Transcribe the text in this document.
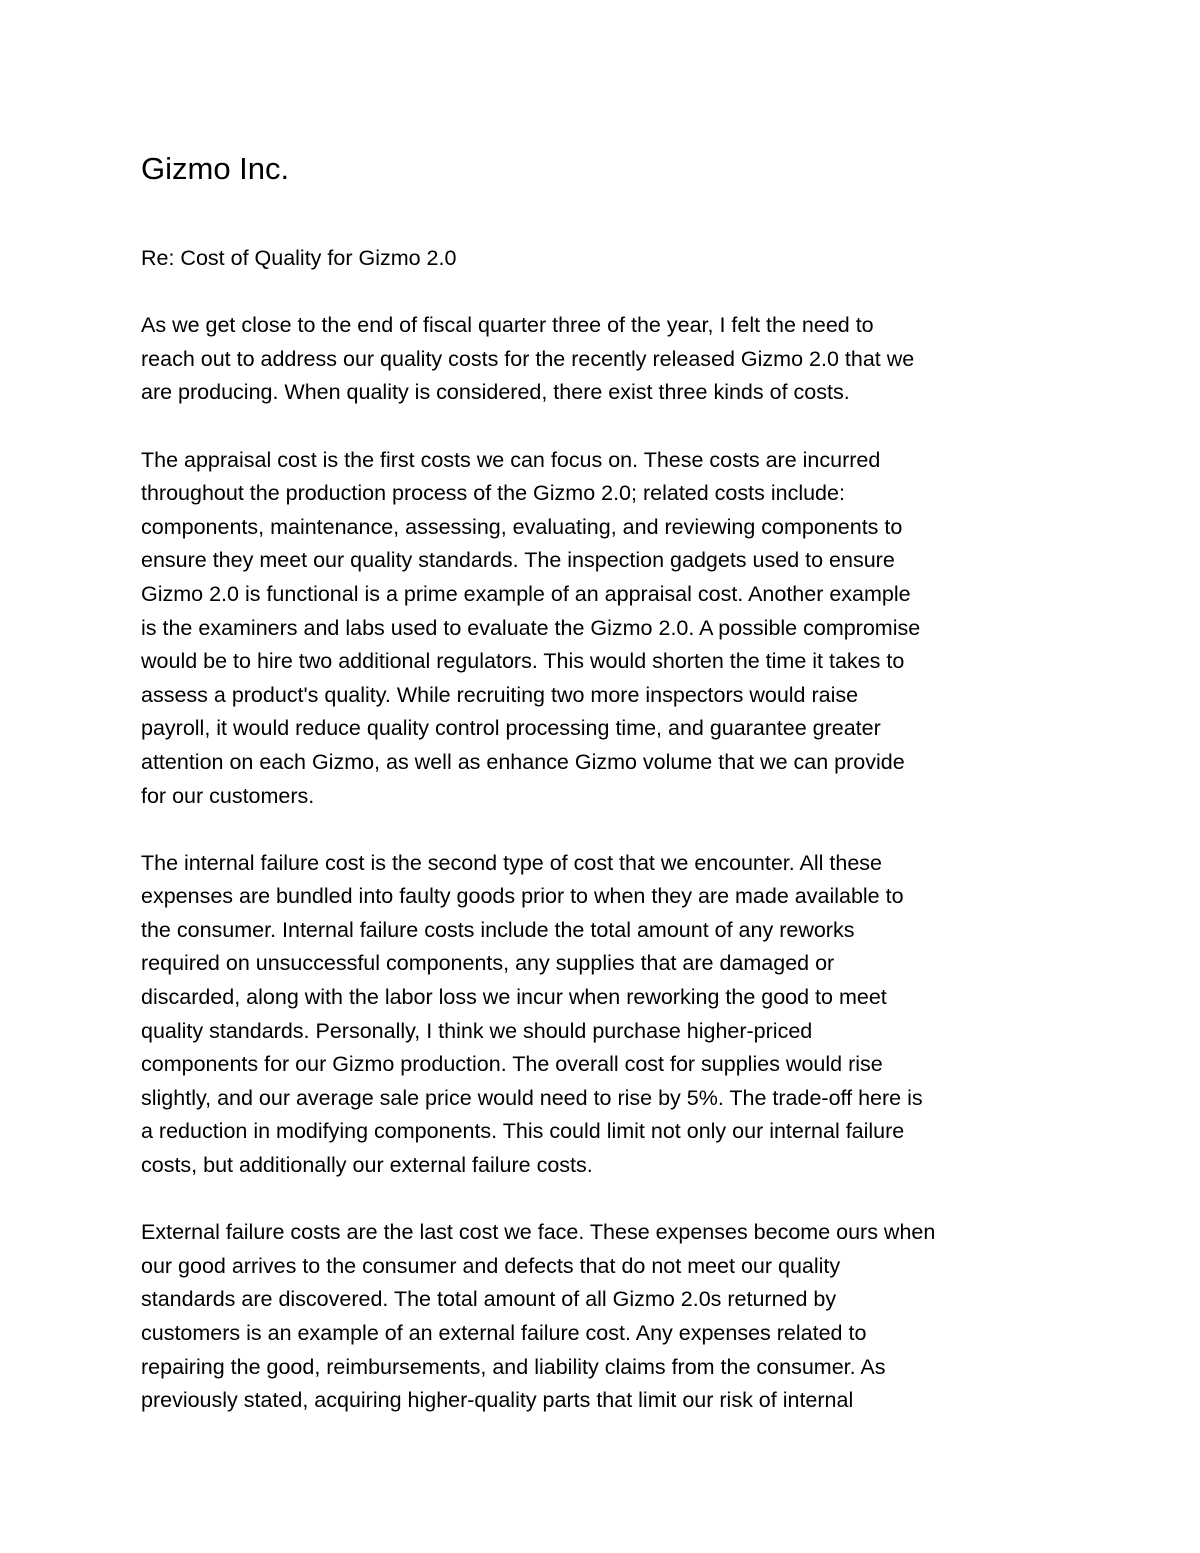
Gizmo Inc.

Re: Cost of Quality for Gizmo 2.0

As we get close to the end of fiscal quarter three of the year, I felt the need to
reach out to address our quality costs for the recently released Gizmo 2.0 that we
are producing. When quality is considered, there exist three kinds of costs.

The appraisal cost is the first costs we can focus on. These costs are incurred
throughout the production process of the Gizmo 2.0; related costs include:
components, maintenance, assessing, evaluating, and reviewing components to
ensure they meet our quality standards. The inspection gadgets used to ensure
Gizmo 2.0 is functional is a prime example of an appraisal cost. Another example
is the examiners and labs used to evaluate the Gizmo 2.0. A possible compromise
would be to hire two additional regulators. This would shorten the time it takes to
assess a product's quality. While recruiting two more inspectors would raise
payroll, it would reduce quality control processing time, and guarantee greater
attention on each Gizmo, as well as enhance Gizmo volume that we can provide
for our customers.

The internal failure cost is the second type of cost that we encounter. All these
expenses are bundled into faulty goods prior to when they are made available to
the consumer. Internal failure costs include the total amount of any reworks
required on unsuccessful components, any supplies that are damaged or
discarded, along with the labor loss we incur when reworking the good to meet
quality standards. Personally, I think we should purchase higher-priced
components for our Gizmo production. The overall cost for supplies would rise
slightly, and our average sale price would need to rise by 5%. The trade-off here is
a reduction in modifying components. This could limit not only our internal failure
costs, but additionally our external failure costs.

External failure costs are the last cost we face. These expenses become ours when
our good arrives to the consumer and defects that do not meet our quality
standards are discovered. The total amount of all Gizmo 2.0s returned by
customers is an example of an external failure cost. Any expenses related to
repairing the good, reimbursements, and liability claims from the consumer. As
previously stated, acquiring higher-quality parts that limit our risk of internal
